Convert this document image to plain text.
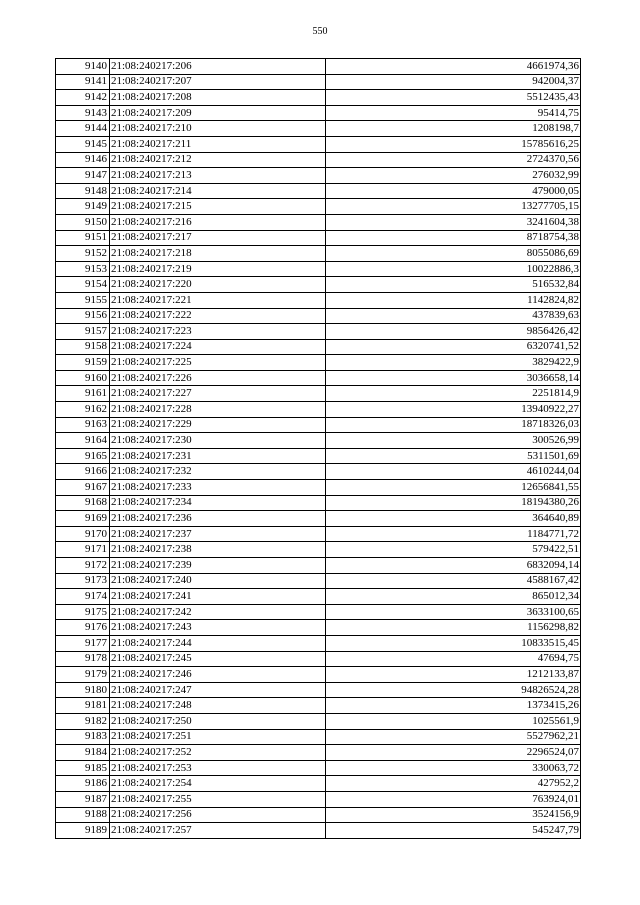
550
9140	21:08:240217:206	4661974,36
9141	21:08:240217:207	942004,37
9142	21:08:240217:208	5512435,43
9143	21:08:240217:209	95414,75
9144	21:08:240217:210	1208198,7
9145	21:08:240217:211	15785616,25
9146	21:08:240217:212	2724370,56
9147	21:08:240217:213	276032,99
9148	21:08:240217:214	479000,05
9149	21:08:240217:215	13277705,15
9150	21:08:240217:216	3241604,38
9151	21:08:240217:217	8718754,38
9152	21:08:240217:218	8055086,69
9153	21:08:240217:219	10022886,3
9154	21:08:240217:220	516532,84
9155	21:08:240217:221	1142824,82
9156	21:08:240217:222	437839,63
9157	21:08:240217:223	9856426,42
9158	21:08:240217:224	6320741,52
9159	21:08:240217:225	3829422,9
9160	21:08:240217:226	3036658,14
9161	21:08:240217:227	2251814,9
9162	21:08:240217:228	13940922,27
9163	21:08:240217:229	18718326,03
9164	21:08:240217:230	300526,99
9165	21:08:240217:231	5311501,69
9166	21:08:240217:232	4610244,04
9167	21:08:240217:233	12656841,55
9168	21:08:240217:234	18194380,26
9169	21:08:240217:236	364640,89
9170	21:08:240217:237	1184771,72
9171	21:08:240217:238	579422,51
9172	21:08:240217:239	6832094,14
9173	21:08:240217:240	4588167,42
9174	21:08:240217:241	865012,34
9175	21:08:240217:242	3633100,65
9176	21:08:240217:243	1156298,82
9177	21:08:240217:244	10833515,45
9178	21:08:240217:245	47694,75
9179	21:08:240217:246	1212133,87
9180	21:08:240217:247	94826524,28
9181	21:08:240217:248	1373415,26
9182	21:08:240217:250	1025561,9
9183	21:08:240217:251	5527962,21
9184	21:08:240217:252	2296524,07
9185	21:08:240217:253	330063,72
9186	21:08:240217:254	427952,2
9187	21:08:240217:255	763924,01
9188	21:08:240217:256	3524156,9
9189	21:08:240217:257	545247,79
